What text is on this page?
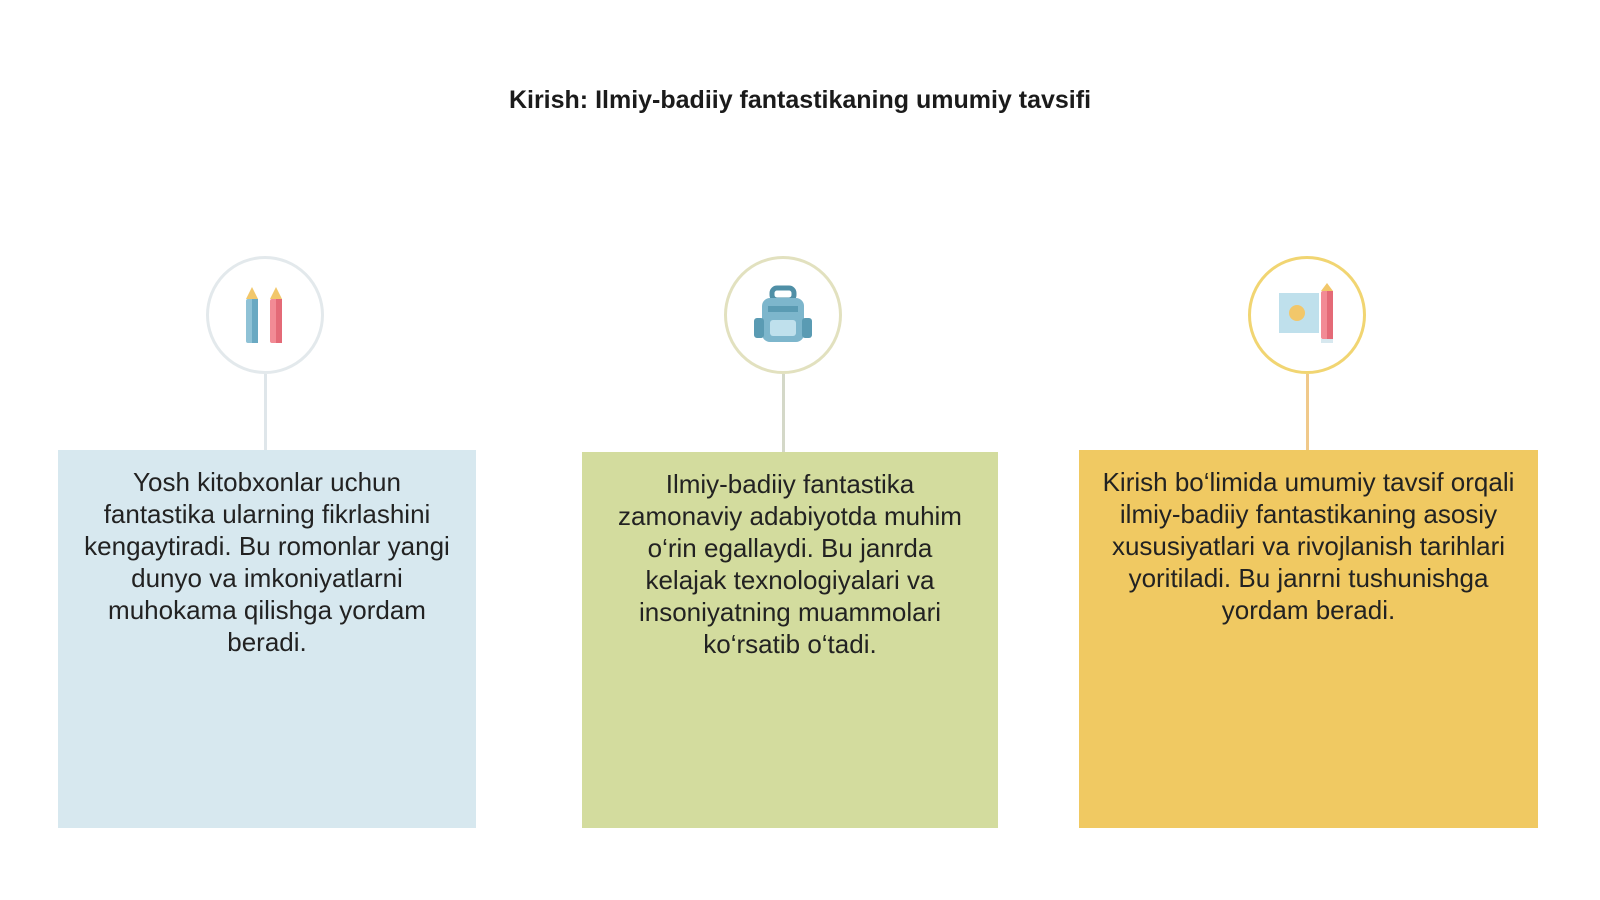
Kirish: Ilmiy-badiiy fantastikaning umumiy tavsifi
Yosh kitobxonlar uchun fantastika ularning fikrlashini kengaytiradi. Bu romonlar yangi dunyo va imkoniyatlarni muhokama qilishga yordam beradi.
Ilmiy-badiiy fantastika zamonaviy adabiyotda muhim o‘rin egallaydi. Bu janrda kelajak texnologiyalari va insoniyatning muammolari ko‘rsatib o‘tadi.
Kirish bo‘limida umumiy tavsif orqali ilmiy-badiiy fantastikaning asosiy xususiyatlari va rivojlanish tarihlari yoritiladi. Bu janrni tushunishga yordam beradi.
